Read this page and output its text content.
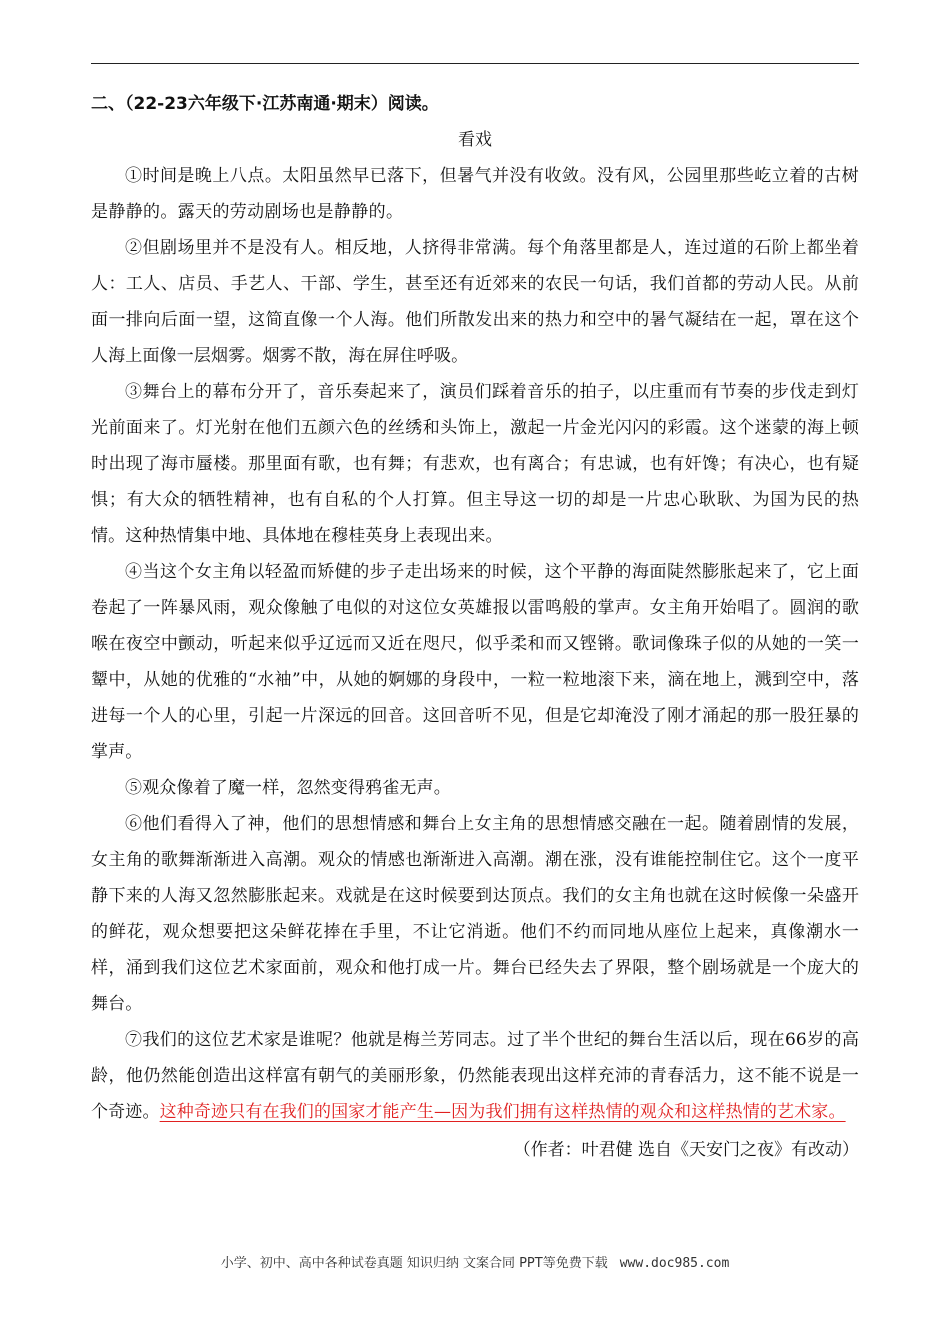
二、（22-23六年级下·江苏南通·期末）阅读。

看戏

①时间是晚上八点。太阳虽然早已落下，但暑气并没有收敛。没有风，公园里那些屹立着的古树是静静的。露天的劳动剧场也是静静的。

②但剧场里并不是没有人。相反地，人挤得非常满。每个角落里都是人，连过道的石阶上都坐着人：工人、店员、手艺人、干部、学生，甚至还有近郊来的农民一句话，我们首都的劳动人民。从前面一排向后面一望，这简直像一个人海。他们所散发出来的热力和空中的暑气凝结在一起，罩在这个人海上面像一层烟雾。烟雾不散，海在屏住呼吸。

③舞台上的幕布分开了，音乐奏起来了，演员们踩着音乐的拍子，以庄重而有节奏的步伐走到灯光前面来了。灯光射在他们五颜六色的丝绣和头饰上，激起一片金光闪闪的彩霞。这个迷蒙的海上顿时出现了海市蜃楼。那里面有歌，也有舞；有悲欢，也有离合；有忠诚，也有奸馋；有决心，也有疑惧；有大众的牺牲精神，也有自私的个人打算。但主导这一切的却是一片忠心耿耿、为国为民的热情。这种热情集中地、具体地在穆桂英身上表现出来。

④当这个女主角以轻盈而矫健的步子走出场来的时候，这个平静的海面陡然膨胀起来了，它上面卷起了一阵暴风雨，观众像触了电似的对这位女英雄报以雷鸣般的掌声。女主角开始唱了。圆润的歌喉在夜空中颤动，听起来似乎辽远而又近在咫尺，似乎柔和而又铿锵。歌词像珠子似的从她的一笑一颦中，从她的优雅的“水袖”中，从她的婀娜的身段中，一粒一粒地滚下来，滴在地上，溅到空中，落进每一个人的心里，引起一片深远的回音。这回音听不见，但是它却淹没了刚才涌起的那一股狂暴的掌声。

⑤观众像着了魔一样，忽然变得鸦雀无声。

⑥他们看得入了神，他们的思想情感和舞台上女主角的思想情感交融在一起。随着剧情的发展，女主角的歌舞渐渐进入高潮。观众的情感也渐渐进入高潮。潮在涨，没有谁能控制住它。这个一度平静下来的人海又忽然膨胀起来。戏就是在这时候要到达顶点。我们的女主角也就在这时候像一朵盛开的鲜花，观众想要把这朵鲜花捧在手里，不让它消逝。他们不约而同地从座位上起来，真像潮水一样，涌到我们这位艺术家面前，观众和他打成一片。舞台已经失去了界限，整个剧场就是一个庞大的舞台。

⑦我们的这位艺术家是谁呢？他就是梅兰芳同志。过了半个世纪的舞台生活以后，现在66岁的高龄，他仍然能创造出这样富有朝气的美丽形象，仍然能表现出这样充沛的青春活力，这不能不说是一个奇迹。这种奇迹只有在我们的国家才能产生—因为我们拥有这样热情的观众和这样热情的艺术家。

（作者：叶君健 选自《天安门之夜》有改动）

小学、初中、高中各种试卷真题 知识归纳 文案合同 PPT等免费下载 www.doc985.com
